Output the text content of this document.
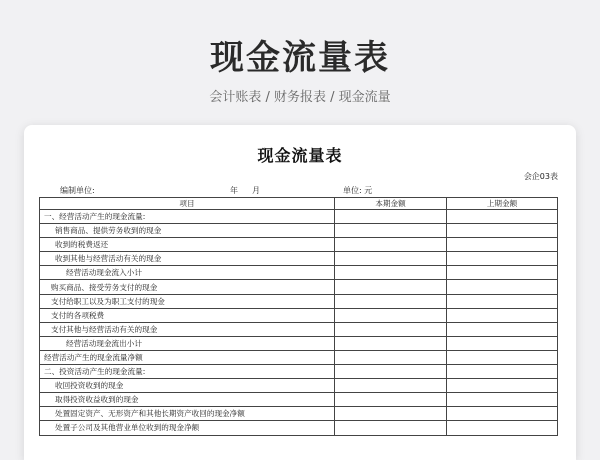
现金流量表
会计账表 / 财务报表 / 现金流量
现金流量表
会企03表
编制单位:	年 月	单位: 元
项目	本期金额	上期金额
一、经营活动产生的现金流量:		
销售商品、提供劳务收到的现金		
收到的税费返还		
收到其他与经营活动有关的现金		
经营活动现金流入小计		
购买商品、接受劳务支付的现金		
支付给职工以及为职工支付的现金		
支付的各项税费		
支付其他与经营活动有关的现金		
经营活动现金流出小计		
经营活动产生的现金流量净额		
二、投资活动产生的现金流量:		
收回投资收到的现金		
取得投资收益收到的现金		
处置固定资产、无形资产和其他长期资产收回的现金净额		
处置子公司及其他营业单位收到的现金净额		
